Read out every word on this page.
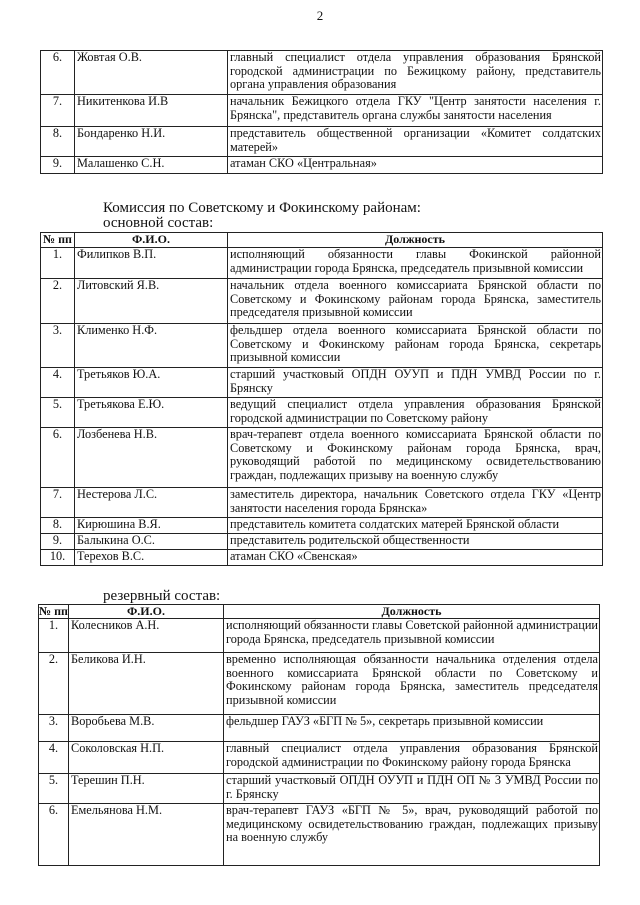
2
6.	Жовтая О.В.	главный специалист отдела управления образования Брянской городской администрации по Бежицкому району, представитель органа управления образования
7.	Никитенкова И.В	начальник Бежицкого отдела ГКУ "Центр занятости населения г. Брянска", представитель органа службы занятости населения
8.	Бондаренко Н.И.	представитель общественной организации «Комитет солдатских матерей»
9.	Малашенко С.Н.	атаман СКО «Центральная»
Комиссия по Советскому и Фокинскому районам:
основной состав:
№ пп	Ф.И.О.	Должность
1.	Филипков В.П.	исполняющий обязанности главы Фокинской районной администрации города Брянска, председатель призывной комиссии
2.	Литовский Я.В.	начальник отдела военного комиссариата Брянской области по Советскому и Фокинскому районам города Брянска, заместитель председателя призывной комиссии
3.	Клименко Н.Ф.	фельдшер отдела военного комиссариата Брянской области по Советскому и Фокинскому районам города Брянска, секретарь призывной комиссии
4.	Третьяков Ю.А.	старший участковый ОПДН ОУУП и ПДН УМВД России по г. Брянску
5.	Третьякова Е.Ю.	ведущий специалист отдела управления образования Брянской городской администрации по Советскому району
6.	Лозбенева Н.В.	врач-терапевт отдела военного комиссариата Брянской области по Советскому и Фокинскому районам города Брянска, врач, руководящий работой по медицинскому освидетельствованию граждан, подлежащих призыву на военную службу
7.	Нестерова Л.С.	заместитель директора, начальник Советского отдела ГКУ «Центр занятости населения города Брянска»
8.	Кирюшина В.Я.	представитель комитета солдатских матерей Брянской области
9.	Балыкина О.С.	представитель родительской общественности
10.	Терехов В.С.	атаман СКО «Свенская»
резервный состав:
№ пп	Ф.И.О.	Должность
1.	Колесников А.Н.	исполняющий обязанности главы Советской районной администрации города Брянска, председатель призывной комиссии
2.	Беликова И.Н.	временно исполняющая обязанности начальника отделения отдела военного комиссариата Брянской области по Советскому и Фокинскому районам города Брянска, заместитель председателя призывной комиссии
3.	Воробьева М.В.	фельдшер ГАУЗ «БГП № 5», секретарь призывной комиссии
4.	Соколовская Н.П.	главный специалист отдела управления образования Брянской городской администрации по Фокинскому району города Брянска
5.	Терешин П.Н.	старший участковый ОПДН ОУУП и ПДН ОП № 3 УМВД России по г. Брянску
6.	Емельянова Н.М.	врач-терапевт ГАУЗ «БГП № 5», врач, руководящий работой по медицинскому освидетельствованию граждан, подлежащих призыву на военную службу
